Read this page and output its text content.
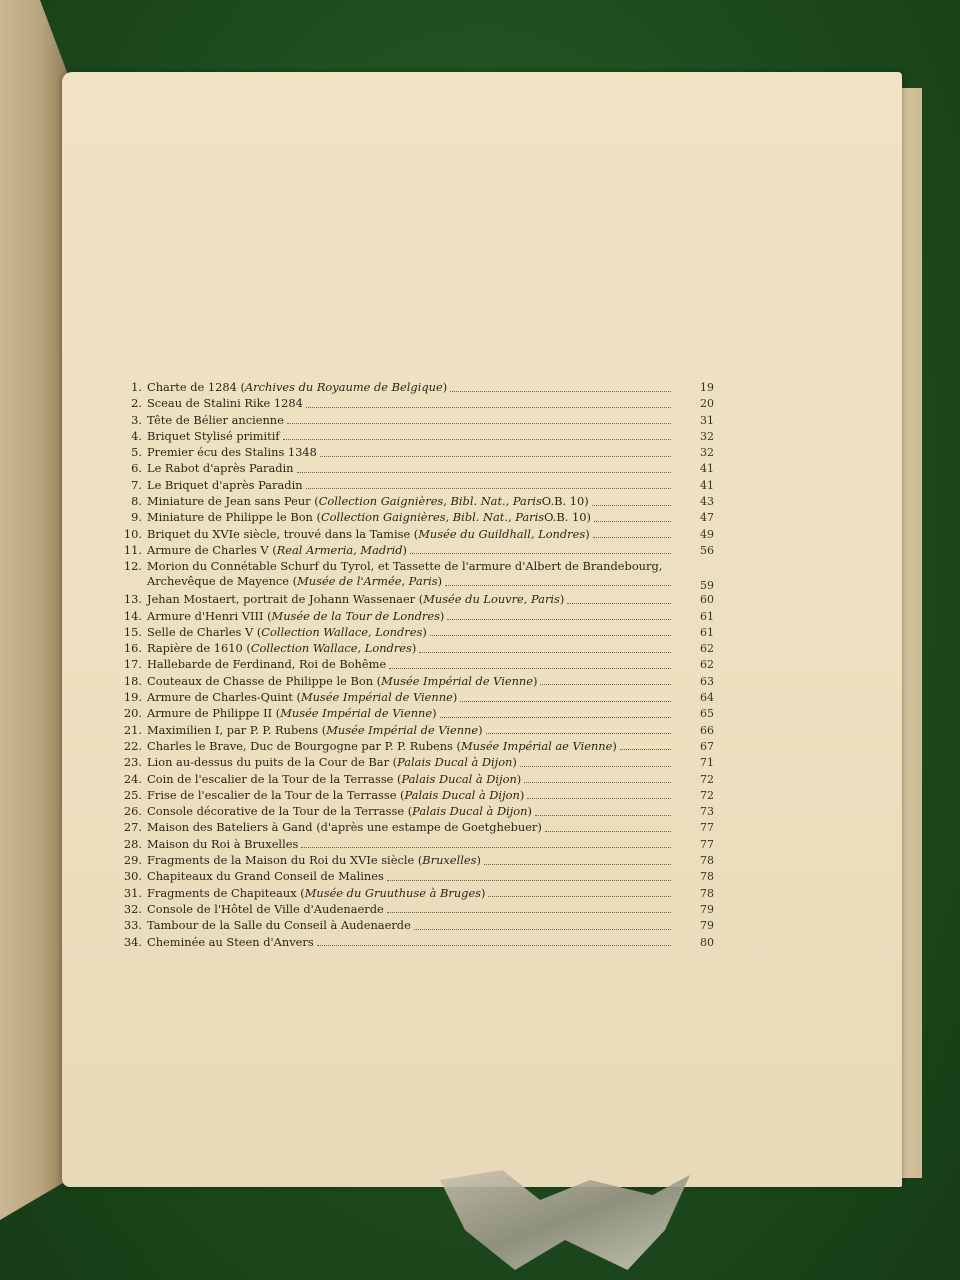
1. Charte de 1284 ( Archives du Royaume de Belgique )	19
2. Sceau de Stalini Rike 1284	20
3. Tête de Bélier ancienne	31
4. Briquet Stylisé primitif	32
5. Premier écu des Stalins 1348	32
6. Le Rabot d'après Paradin	41
7. Le Briquet d'après Paradin	41
8. Miniature de Jean sans Peur ( Collection Gaignières, Bibl. Nat., Paris O.B. 10)	43
9. Miniature de Philippe le Bon ( Collection Gaignières, Bibl. Nat., Paris O.B. 10)	47
10. Briquet du XVIe siècle, trouvé dans la Tamise ( Musée du Guildhall, Londres )	49
11. Armure de Charles V ( Real Armeria, Madrid )	56
12. Morion du Connétable Schurf du Tyrol, et Tassette de l'armure d'Albert de Brandebourg,
Archevêque de Mayence ( Musée de l'Armée, Paris )	59
13. Jehan Mostaert, portrait de Johann Wassenaer ( Musée du Louvre, Paris )	60
14. Armure d'Henri VIII ( Musée de la Tour de Londres )	61
15. Selle de Charles V ( Collection Wallace, Londres )	61
16. Rapière de 1610 ( Collection Wallace, Londres )	62
17. Hallebarde de Ferdinand, Roi de Bohême	62
18. Couteaux de Chasse de Philippe le Bon ( Musée Impérial de Vienne )	63
19. Armure de Charles-Quint ( Musée Impérial de Vienne )	64
20. Armure de Philippe II ( Musée Impérial de Vienne )	65
21. Maximilien I, par P. P. Rubens ( Musée Impérial de Vienne )	66
22. Charles le Brave, Duc de Bourgogne par P. P. Rubens ( Musée Impérial ae Vienne )	67
23. Lion au-dessus du puits de la Cour de Bar ( Palais Ducal à Dijon )	71
24. Coin de l'escalier de la Tour de la Terrasse ( Palais Ducal à Dijon )	72
25. Frise de l'escalier de la Tour de la Terrasse ( Palais Ducal à Dijon )	72
26. Console décorative de la Tour de la Terrasse ( Palais Ducal à Dijon )	73
27. Maison des Bateliers à Gand (d'après une estampe de Goetghebuer)	77
28. Maison du Roi à Bruxelles	77
29. Fragments de la Maison du Roi du XVIe siècle ( Bruxelles )	78
30. Chapiteaux du Grand Conseil de Malines	78
31. Fragments de Chapiteaux ( Musée du Gruuthuse à Bruges )	78
32. Console de l'Hôtel de Ville d'Audenaerde	79
33. Tambour de la Salle du Conseil à Audenaerde	79
34. Cheminée au Steen d'Anvers	80
